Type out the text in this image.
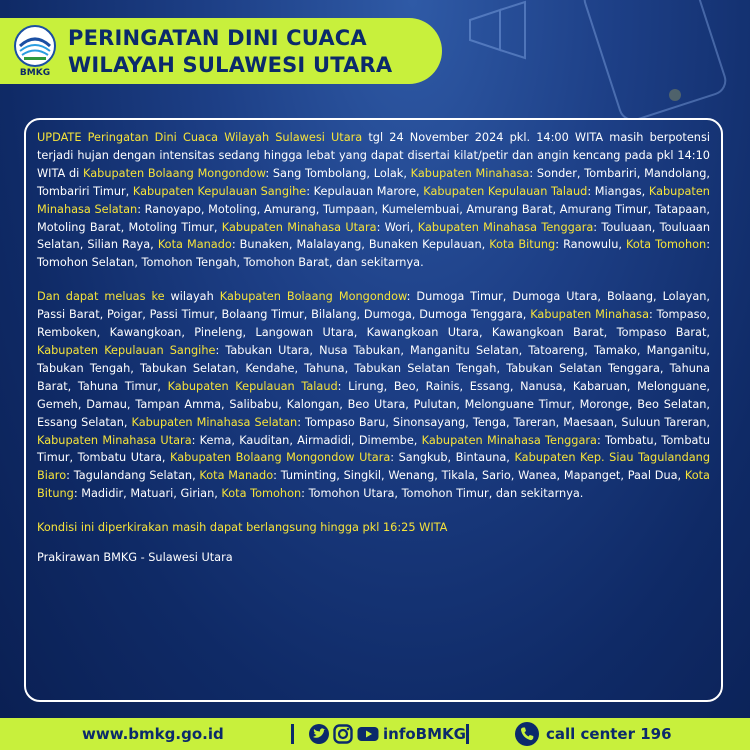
BMKG
PERINGATAN DINI CUACA
WILAYAH SULAWESI UTARA

UPDATE Peringatan Dini Cuaca Wilayah Sulawesi Utara tgl 24 November 2024 pkl. 14:00 WITA masih berpotensi terjadi hujan dengan intensitas sedang hingga lebat yang dapat disertai kilat/petir dan angin kencang pada pkl 14:10 WITA di Kabupaten Bolaang Mongondow: Sang Tombolang, Lolak, Kabupaten Minahasa: Sonder, Tombariri, Mandolang, Tombariri Timur, Kabupaten Kepulauan Sangihe: Kepulauan Marore, Kabupaten Kepulauan Talaud: Miangas, Kabupaten Minahasa Selatan: Ranoyapo, Motoling, Amurang, Tumpaan, Kumelembuai, Amurang Barat, Amurang Timur, Tatapaan, Motoling Barat, Motoling Timur, Kabupaten Minahasa Utara: Wori, Kabupaten Minahasa Tenggara: Touluaan, Touluaan Selatan, Silian Raya, Kota Manado: Bunaken, Malalayang, Bunaken Kepulauan, Kota Bitung: Ranowulu, Kota Tomohon: Tomohon Selatan, Tomohon Tengah, Tomohon Barat, dan sekitarnya.

Dan dapat meluas ke wilayah Kabupaten Bolaang Mongondow: Dumoga Timur, Dumoga Utara, Bolaang, Lolayan, Passi Barat, Poigar, Passi Timur, Bolaang Timur, Bilalang, Dumoga, Dumoga Tenggara, Kabupaten Minahasa: Tompaso, Remboken, Kawangkoan, Pineleng, Langowan Utara, Kawangkoan Utara, Kawangkoan Barat, Tompaso Barat, Kabupaten Kepulauan Sangihe: Tabukan Utara, Nusa Tabukan, Manganitu Selatan, Tatoareng, Tamako, Manganitu, Tabukan Tengah, Tabukan Selatan, Kendahe, Tahuna, Tabukan Selatan Tengah, Tabukan Selatan Tenggara, Tahuna Barat, Tahuna Timur, Kabupaten Kepulauan Talaud: Lirung, Beo, Rainis, Essang, Nanusa, Kabaruan, Melonguane, Gemeh, Damau, Tampan Amma, Salibabu, Kalongan, Beo Utara, Pulutan, Melonguane Timur, Moronge, Beo Selatan, Essang Selatan, Kabupaten Minahasa Selatan: Tompaso Baru, Sinonsayang, Tenga, Tareran, Maesaan, Suluun Tareran, Kabupaten Minahasa Utara: Kema, Kauditan, Airmadidi, Dimembe, Kabupaten Minahasa Tenggara: Tombatu, Tombatu Timur, Tombatu Utara, Kabupaten Bolaang Mongondow Utara: Sangkub, Bintauna, Kabupaten Kep. Siau Tagulandang Biaro: Tagulandang Selatan, Kota Manado: Tuminting, Singkil, Wenang, Tikala, Sario, Wanea, Mapanget, Paal Dua, Kota Bitung: Madidir, Matuari, Girian, Kota Tomohon: Tomohon Utara, Tomohon Timur, dan sekitarnya.

Kondisi ini diperkirakan masih dapat berlangsung hingga pkl 16:25 WITA

Prakirawan BMKG - Sulawesi Utara

www.bmkg.go.id	infoBMKG	call center 196
